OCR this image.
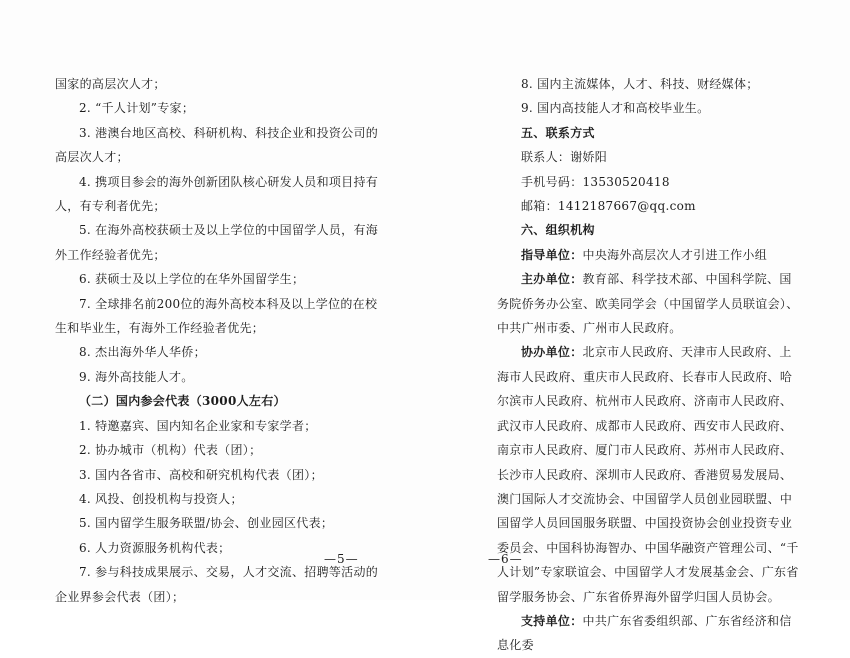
国家的高层次人才；

2. “千人计划”专家；

3. 港澳台地区高校、科研机构、科技企业和投资公司的高层次人才；

4. 携项目参会的海外创新团队核心研发人员和项目持有人，有专利者优先；

5. 在海外高校获硕士及以上学位的中国留学人员，有海外工作经验者优先；

6. 获硕士及以上学位的在华外国留学生；

7. 全球排名前200位的海外高校本科及以上学位的在校生和毕业生，有海外工作经验者优先；

8. 杰出海外华人华侨；

9. 海外高技能人才。

（二）国内参会代表（3000人左右）

1. 特邀嘉宾、国内知名企业家和专家学者；

2. 协办城市（机构）代表（团）；

3. 国内各省市、高校和研究机构代表（团）；

4. 风投、创投机构与投资人；

5. 国内留学生服务联盟/协会、创业园区代表；

6. 人力资源服务机构代表；

7. 参与科技成果展示、交易，人才交流、招聘等活动的企业界参会代表（团）；

—5—

8. 国内主流媒体，人才、科技、财经媒体；

9. 国内高技能人才和高校毕业生。

五、联系方式

联系人：谢娇阳

手机号码：13530520418

邮箱：1412187667@qq.com

六、组织机构

指导单位：中央海外高层次人才引进工作小组

主办单位：教育部、科学技术部、中国科学院、国务院侨务办公室、欧美同学会（中国留学人员联谊会）、中共广州市委、广州市人民政府。

协办单位：北京市人民政府、天津市人民政府、上海市人民政府、重庆市人民政府、长春市人民政府、哈尔滨市人民政府、杭州市人民政府、济南市人民政府、武汉市人民政府、成都市人民政府、西安市人民政府、南京市人民政府、厦门市人民政府、苏州市人民政府、长沙市人民政府、深圳市人民政府、香港贸易发展局、澳门国际人才交流协会、中国留学人员创业园联盟、中国留学人员回国服务联盟、中国投资协会创业投资专业委员会、中国科协海智办、中国华融资产管理公司、“千人计划”专家联谊会、中国留学人才发展基金会、广东省留学服务协会、广东省侨界海外留学归国人员协会。

支持单位：中共广东省委组织部、广东省经济和信息化委

—6—
